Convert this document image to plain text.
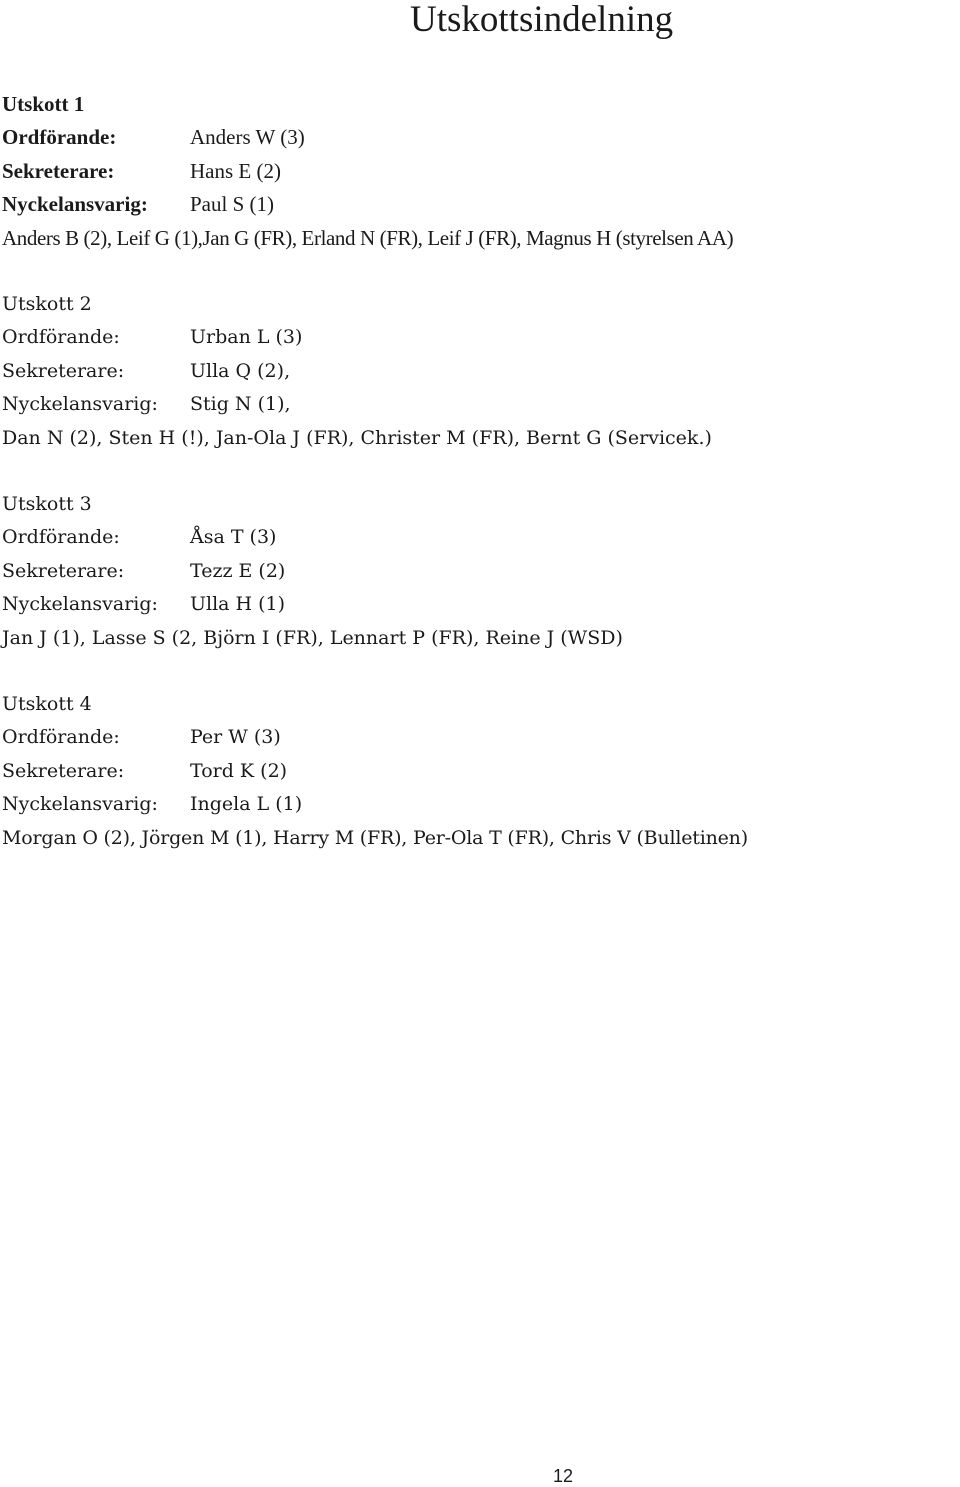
Utskottsindelning
Utskott 1
Ordförande:	Anders W (3)
Sekreterare:	Hans E (2)
Nyckelansvarig: Paul S (1)
Anders B (2), Leif G (1),Jan G (FR), Erland N (FR), Leif J (FR), Magnus H (styrelsen AA)
Utskott 2
Ordförande:	Urban L (3)
Sekreterare:	Ulla Q (2),
Nyckelansvarig: Stig N (1),
Dan N (2), Sten H (!), Jan-Ola J (FR), Christer M (FR), Bernt G (Servicek.)
Utskott 3
Ordförande:	Åsa T (3)
Sekreterare:	Tezz E (2)
Nyckelansvarig: Ulla H (1)
Jan J (1), Lasse S (2, Björn I (FR), Lennart P (FR), Reine J (WSD)
Utskott 4
Ordförande:	Per W (3)
Sekreterare:	Tord K (2)
Nyckelansvarig: Ingela L (1)
Morgan O (2), Jörgen M (1), Harry M (FR), Per-Ola T (FR), Chris V (Bulletinen)
12
